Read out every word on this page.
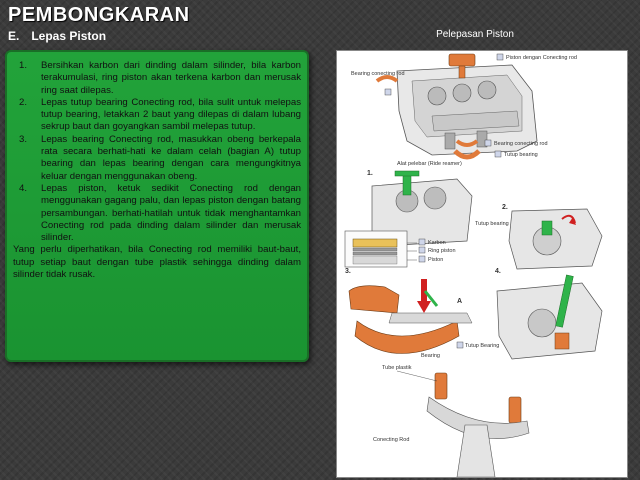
PEMBONGKARAN
E. Lepas Piston	Pelepasan Piston
1. Bersihkan karbon dari dinding dalam silinder, bila karbon terakumulasi, ring piston akan terkena karbon dan merusak ring saat dilepas.
2. Lepas tutup bearing Conecting rod, bila sulit untuk melepas tutup bearing, letakkan 2 baut yang dilepas di dalam lubang sekrup baut dan goyangkan sambil melepas tutup.
3. Lepas bearing Conecting rod, masukkan obeng berkepala rata secara berhati-hati ke dalam celah (bagian A) tutup bearing dan lepas bearing dengan cara mengungkitnya keluar dengan menggunakan obeng.
4. Lepas piston, ketuk sedikit Conecting rod dengan menggunakan gagang palu, dan lepas piston dengan batang persambungan. berhati-hatilah untuk tidak menghantamkan Conecting rod pada dinding dalam silinder dan merusak silinder.

Yang perlu diperhatikan, bila Conecting rod memiliki baut-baut, tutup setiap baut dengan tube plastik sehingga dinding dalam silinder tidak rusak.

Piston dengan Conecting rod
Bearing conecting rod
Bearing conecting rod
Tutup bearing
Alat pelebar (Ride reamer)
1.
2.
Tutup bearing
Karbon
Ring piston
Piston
3.
A
4.
Tutup Bearing
Bearing
Tube plastik
Conecting Rod
